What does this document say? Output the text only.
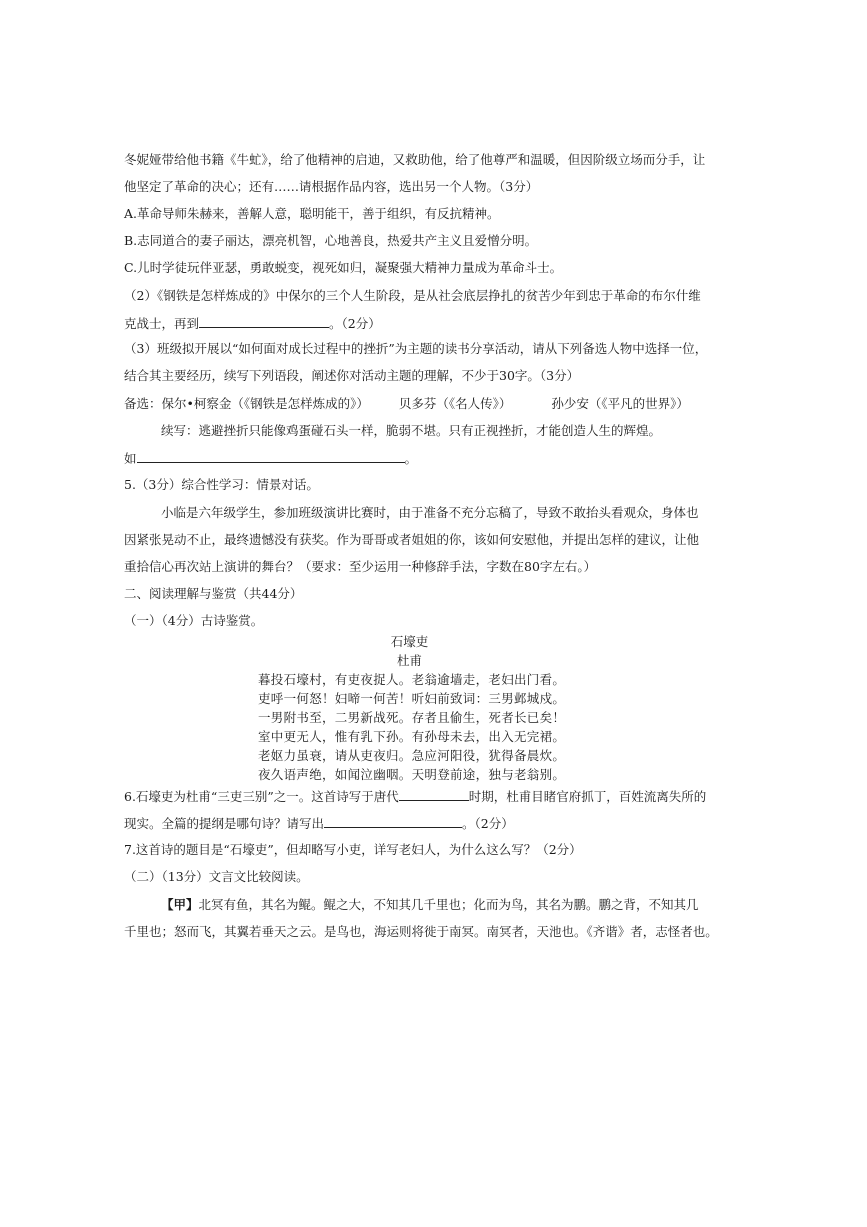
冬妮娅带给他书籍《牛虻》，给了他精神的启迪，又救助他，给了他尊严和温暖，但因阶级立场而分手，让
他坚定了革命的决心；还有……请根据作品内容，选出另一个人物。（3分）
A.革命导师朱赫来，善解人意，聪明能干，善于组织，有反抗精神。
B.志同道合的妻子丽达，漂亮机智，心地善良，热爱共产主义且爱憎分明。
C.儿时学徒玩伴亚瑟，勇敢蜕变，视死如归，凝聚强大精神力量成为革命斗士。
（2）《钢铁是怎样炼成的》中保尔的三个人生阶段，是从社会底层挣扎的贫苦少年到忠于革命的布尔什维
克战士，再到	。（2分）
（3）班级拟开展以“如何面对成长过程中的挫折”为主题的读书分享活动，请从下列备选人物中选择一位，
结合其主要经历，续写下列语段，阐述你对活动主题的理解，不少于30字。（3分）
备选：保尔•柯察金（《钢铁是怎样炼成的》） 贝多芬（《名人传》）	孙少安（《平凡的世界》）
续写：逃避挫折只能像鸡蛋碰石头一样，脆弱不堪。只有正视挫折，才能创造人生的辉煌。
如	。
5.（3分）综合性学习：情景对话。
小临是六年级学生，参加班级演讲比赛时，由于准备不充分忘稿了，导致不敢抬头看观众，身体也
因紧张晃动不止，最终遗憾没有获奖。作为哥哥或者姐姐的你，该如何安慰他，并提出怎样的建议，让他
重拾信心再次站上演讲的舞台？（要求：至少运用一种修辞手法，字数在80字左右。）
二、阅读理解与鉴赏（共44分）
（一）（4分）古诗鉴赏。
石壕吏
杜甫
暮投石壕村，有吏夜捉人。老翁逾墙走，老妇出门看。
吏呼一何怒！妇啼一何苦！听妇前致词：三男邺城戍。
一男附书至，二男新战死。存者且偷生，死者长已矣！
室中更无人，惟有乳下孙。有孙母未去，出入无完裙。
老妪力虽衰，请从吏夜归。急应河阳役，犹得备晨炊。
夜久语声绝，如闻泣幽咽。天明登前途，独与老翁别。
6.石壕吏为杜甫“三吏三别”之一。这首诗写于唐代	时期，杜甫目睹官府抓丁，百姓流离失所的
现实。全篇的提纲是哪句诗？请写出	。（2分）
7.这首诗的题目是“石壕吏”，但却略写小吏，详写老妇人，为什么这么写？（2分）
（二）（13分）文言文比较阅读。
【甲】北冥有鱼，其名为鲲。鲲之大，不知其几千里也；化而为鸟，其名为鹏。鹏之背，不知其几
千里也；怒而飞，其翼若垂天之云。是鸟也，海运则将徙于南冥。南冥者，天池也。《齐谐》者，志怪者也。
